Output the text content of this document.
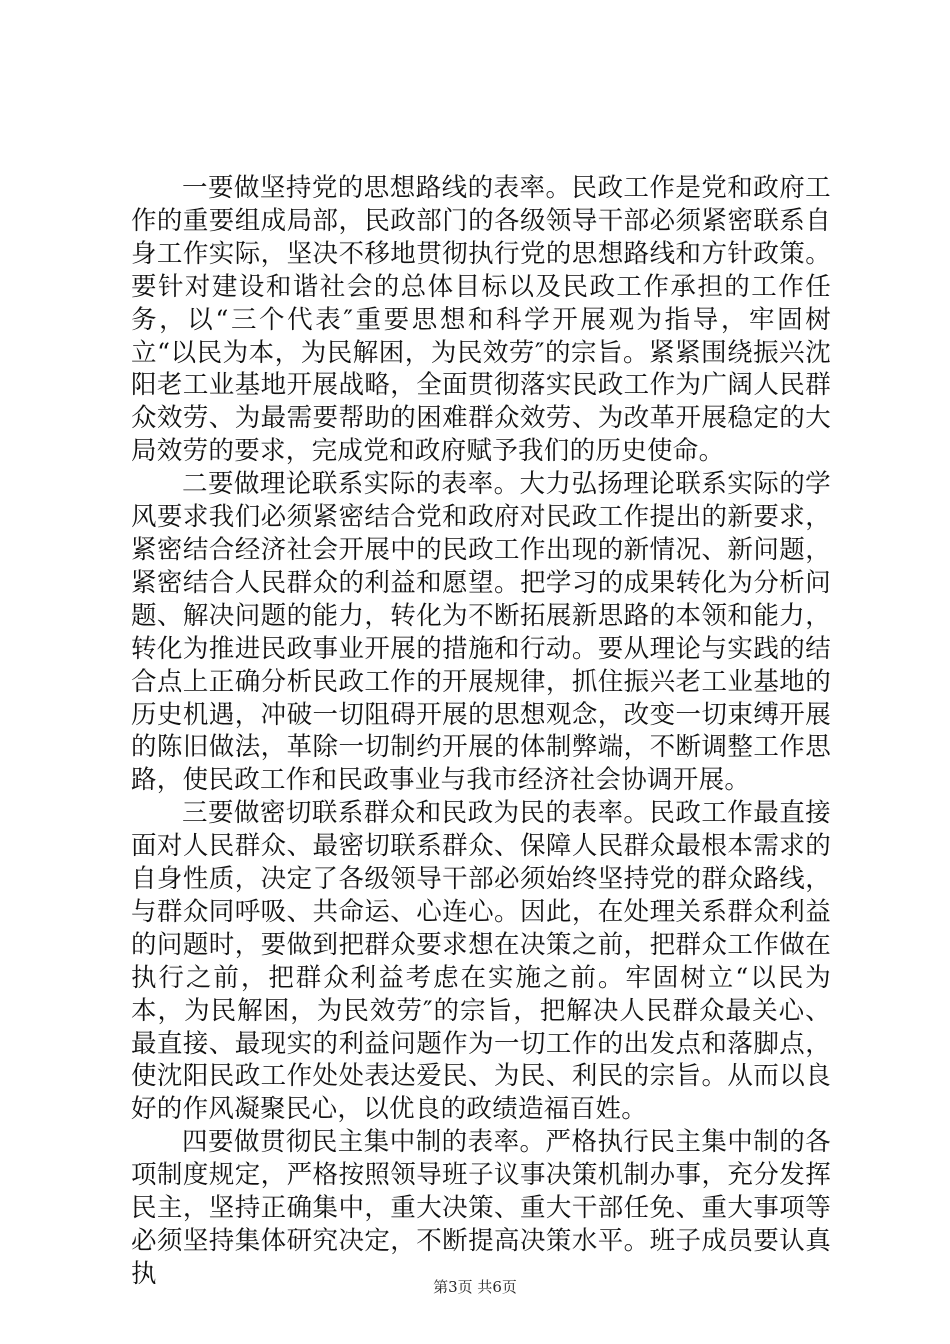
一要做坚持党的思想路线的表率。民政工作是党和政府工作的重要组成局部，民政部门的各级领导干部必须紧密联系自身工作实际，坚决不移地贯彻执行党的思想路线和方针政策。要针对建设和谐社会的总体目标以及民政工作承担的工作任务，以“三个代表″重要思想和科学开展观为指导，牢固树立“以民为本，为民解困，为民效劳″的宗旨。紧紧围绕振兴沈阳老工业基地开展战略，全面贯彻落实民政工作为广阔人民群众效劳、为最需要帮助的困难群众效劳、为改革开展稳定的大局效劳的要求，完成党和政府赋予我们的历史使命。

二要做理论联系实际的表率。大力弘扬理论联系实际的学风要求我们必须紧密结合党和政府对民政工作提出的新要求，紧密结合经济社会开展中的民政工作出现的新情况、新问题，紧密结合人民群众的利益和愿望。把学习的成果转化为分析问题、解决问题的能力，转化为不断拓展新思路的本领和能力，转化为推进民政事业开展的措施和行动。要从理论与实践的结合点上正确分析民政工作的开展规律，抓住振兴老工业基地的历史机遇，冲破一切阻碍开展的思想观念，改变一切束缚开展的陈旧做法，革除一切制约开展的体制弊端，不断调整工作思路，使民政工作和民政事业与我市经济社会协调开展。

三要做密切联系群众和民政为民的表率。民政工作最直接面对人民群众、最密切联系群众、保障人民群众最根本需求的自身性质，决定了各级领导干部必须始终坚持党的群众路线，与群众同呼吸、共命运、心连心。因此，在处理关系群众利益的问题时，要做到把群众要求想在决策之前，把群众工作做在执行之前，把群众利益考虑在实施之前。牢固树立“以民为本，为民解困，为民效劳″的宗旨，把解决人民群众最关心、最直接、最现实的利益问题作为一切工作的出发点和落脚点，使沈阳民政工作处处表达爱民、为民、利民的宗旨。从而以良好的作风凝聚民心，以优良的政绩造福百姓。

四要做贯彻民主集中制的表率。严格执行民主集中制的各项制度规定，严格按照领导班子议事决策机制办事，充分发挥民主，坚持正确集中，重大决策、重大干部任免、重大事项等必须坚持集体研究决定，不断提高决策水平。班子成员要认真执	第3页 共6页
